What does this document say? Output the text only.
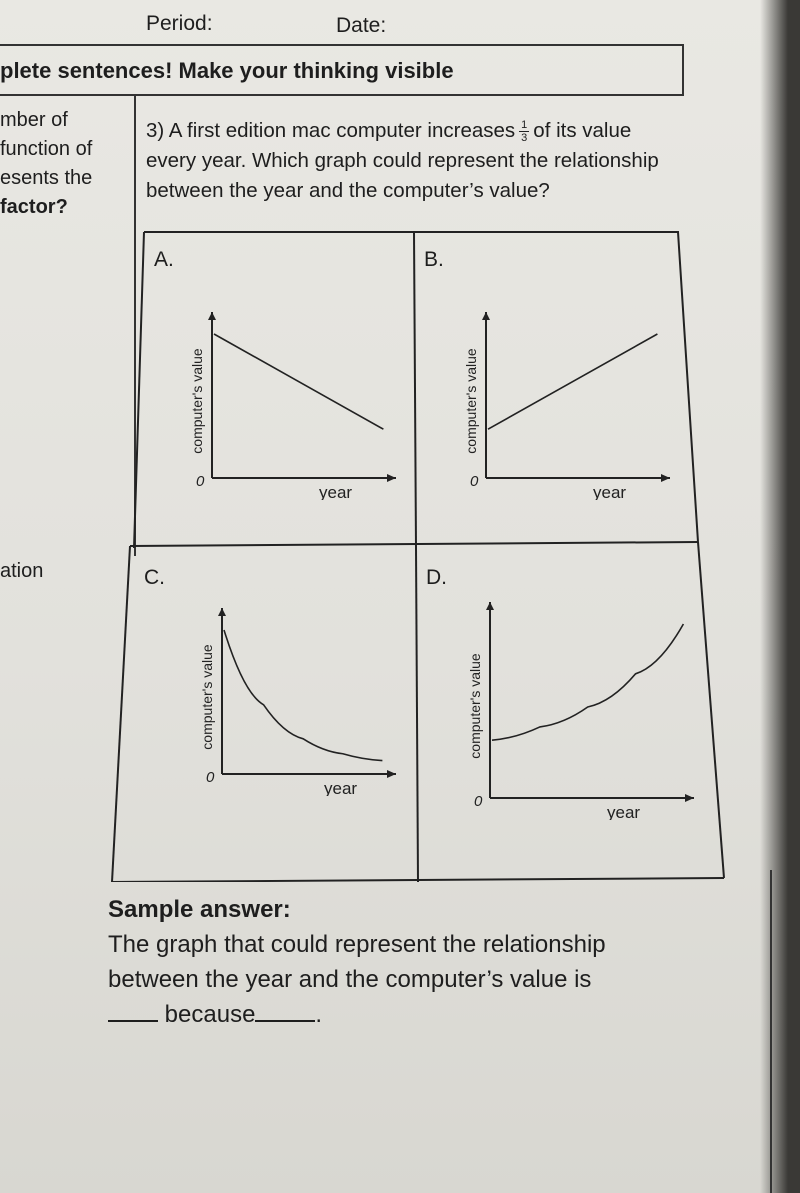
Period:	Date:
plete sentences! Make your thinking visible
mber of
function of
esents the
factor?
ation
3) A first edition mac computer increases $\frac{1}{3}$ of its value every year. Which graph could represent the relationship between the year and the computer’s value?
A.	B.
C.	D.
0
year
computer's value
0
year
computer's value
0
year
computer's value
0
year
computer's value
Sample answer:
The graph that could represent the relationship
between the year and the computer’s value is
because	.
